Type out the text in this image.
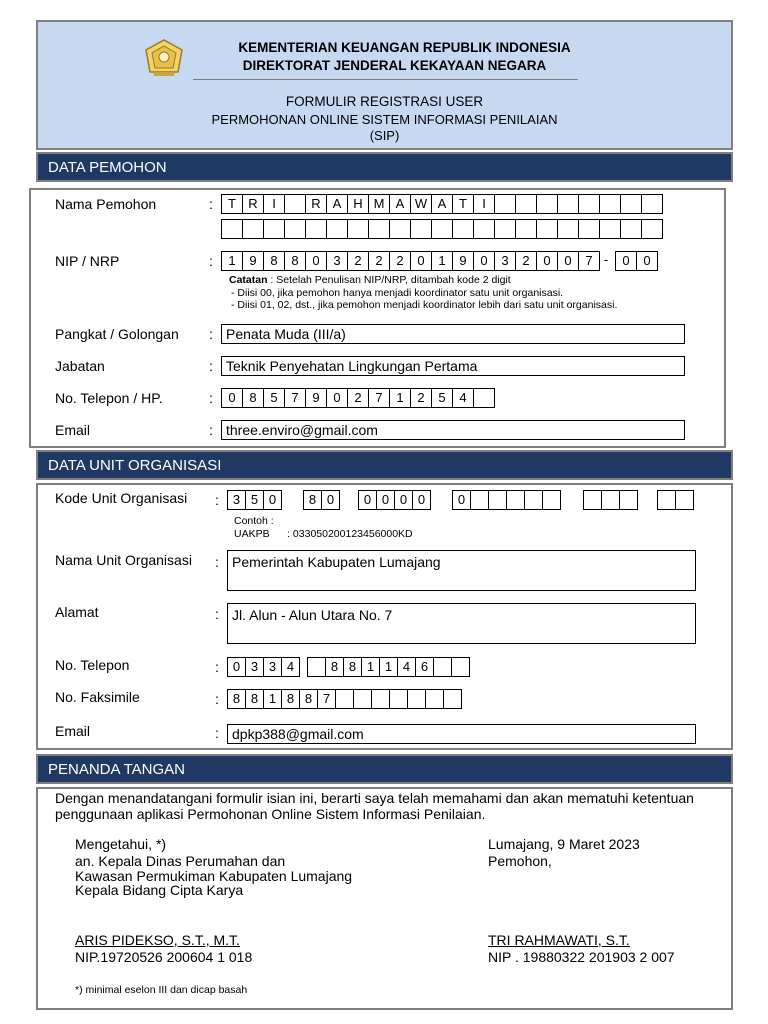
KEMENTERIAN KEUANGAN REPUBLIK INDONESIA
DIREKTORAT JENDERAL KEKAYAAN NEGARA
FORMULIR REGISTRASI USER
PERMOHONAN ONLINE SISTEM INFORMASI PENILAIAN
(SIP)
DATA PEMOHON
Nama Pemohon	:	T R	I	R A H M A W A T	I
NIP / NRP	:	1	9	8	8	0	3	2	2	2	0	1	9	0	3	2	0	0	7 -	0	0
Catatan : Setelah Penulisan NIP/NRP, ditambah kode 2 digit
- Diisi 00, jika pemohon hanya menjadi koordinator satu unit organisasi.
- Diisi 01, 02, dst., jika pemohon menjadi koordinator lebih dari satu unit organisasi.
Pangkat / Golongan : Penata Muda (III/a)
Jabatan	: Teknik Penyehatan Lingkungan Pertama
No. Telepon / HP.	:	0	8	5	7	9	0	2	7	1	2	5	4
Email	: three.enviro@gmail.com
DATA UNIT ORGANISASI
Kode Unit Organisasi :	3 5 0	8 0	0 0 0 0	0
Contoh :
UAKPB      : 033050200123456000KD
Nama Unit Organisasi : Pemerintah Kabupaten Lumajang
Alamat	: Jl. Alun - Alun Utara No. 7
No. Telepon	:	0 3 3 4	8 8 1 1 4 6
No. Faksimile	:	8 8 1 8 8 7
Email	: dpkp388@gmail.com
PENANDA TANGAN
Dengan menandatangani formulir isian ini, berarti saya telah memahami dan akan mematuhi ketentuan
penggunaan aplikasi Permohonan Online Sistem Informasi Penilaian.
Mengetahui, *)
an. Kepala Dinas Perumahan dan
Kawasan Permukiman Kabupaten Lumajang
Kepala Bidang Cipta Karya
ARIS PIDEKSO, S.T., M.T.
NIP.19720526 200604 1 018
Lumajang, 9 Maret 2023
Pemohon,
TRI RAHMAWATI, S.T.
NIP . 19880322 201903 2 007
*) minimal eselon III dan dicap basah
